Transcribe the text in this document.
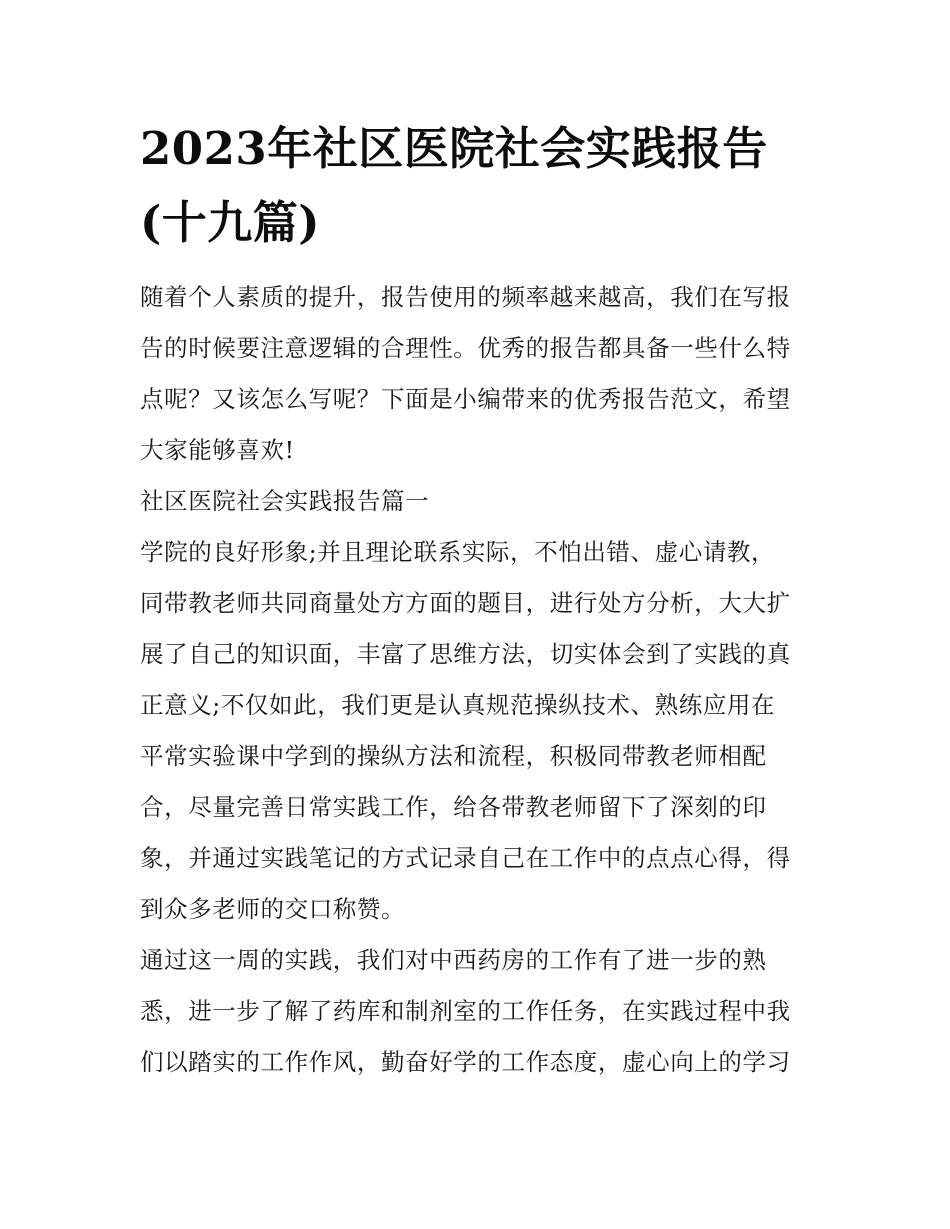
2023年社区医院社会实践报告
(十九篇)

随着个人素质的提升，报告使用的频率越来越高，我们在写报
告的时候要注意逻辑的合理性。优秀的报告都具备一些什么特
点呢？又该怎么写呢？下面是小编带来的优秀报告范文，希望
大家能够喜欢!

社区医院社会实践报告篇一

学院的良好形象;并且理论联系实际，不怕出错、虚心请教，
同带教老师共同商量处方方面的题目，进行处方分析，大大扩
展了自己的知识面，丰富了思维方法，切实体会到了实践的真
正意义;不仅如此，我们更是认真规范操纵技术、熟练应用在
平常实验课中学到的操纵方法和流程，积极同带教老师相配
合，尽量完善日常实践工作，给各带教老师留下了深刻的印
象，并通过实践笔记的方式记录自己在工作中的点点心得，得
到众多老师的交口称赞。

通过这一周的实践，我们对中西药房的工作有了进一步的熟
悉，进一步了解了药库和制剂室的工作任务，在实践过程中我
们以踏实的工作作风，勤奋好学的工作态度，虚心向上的学习
